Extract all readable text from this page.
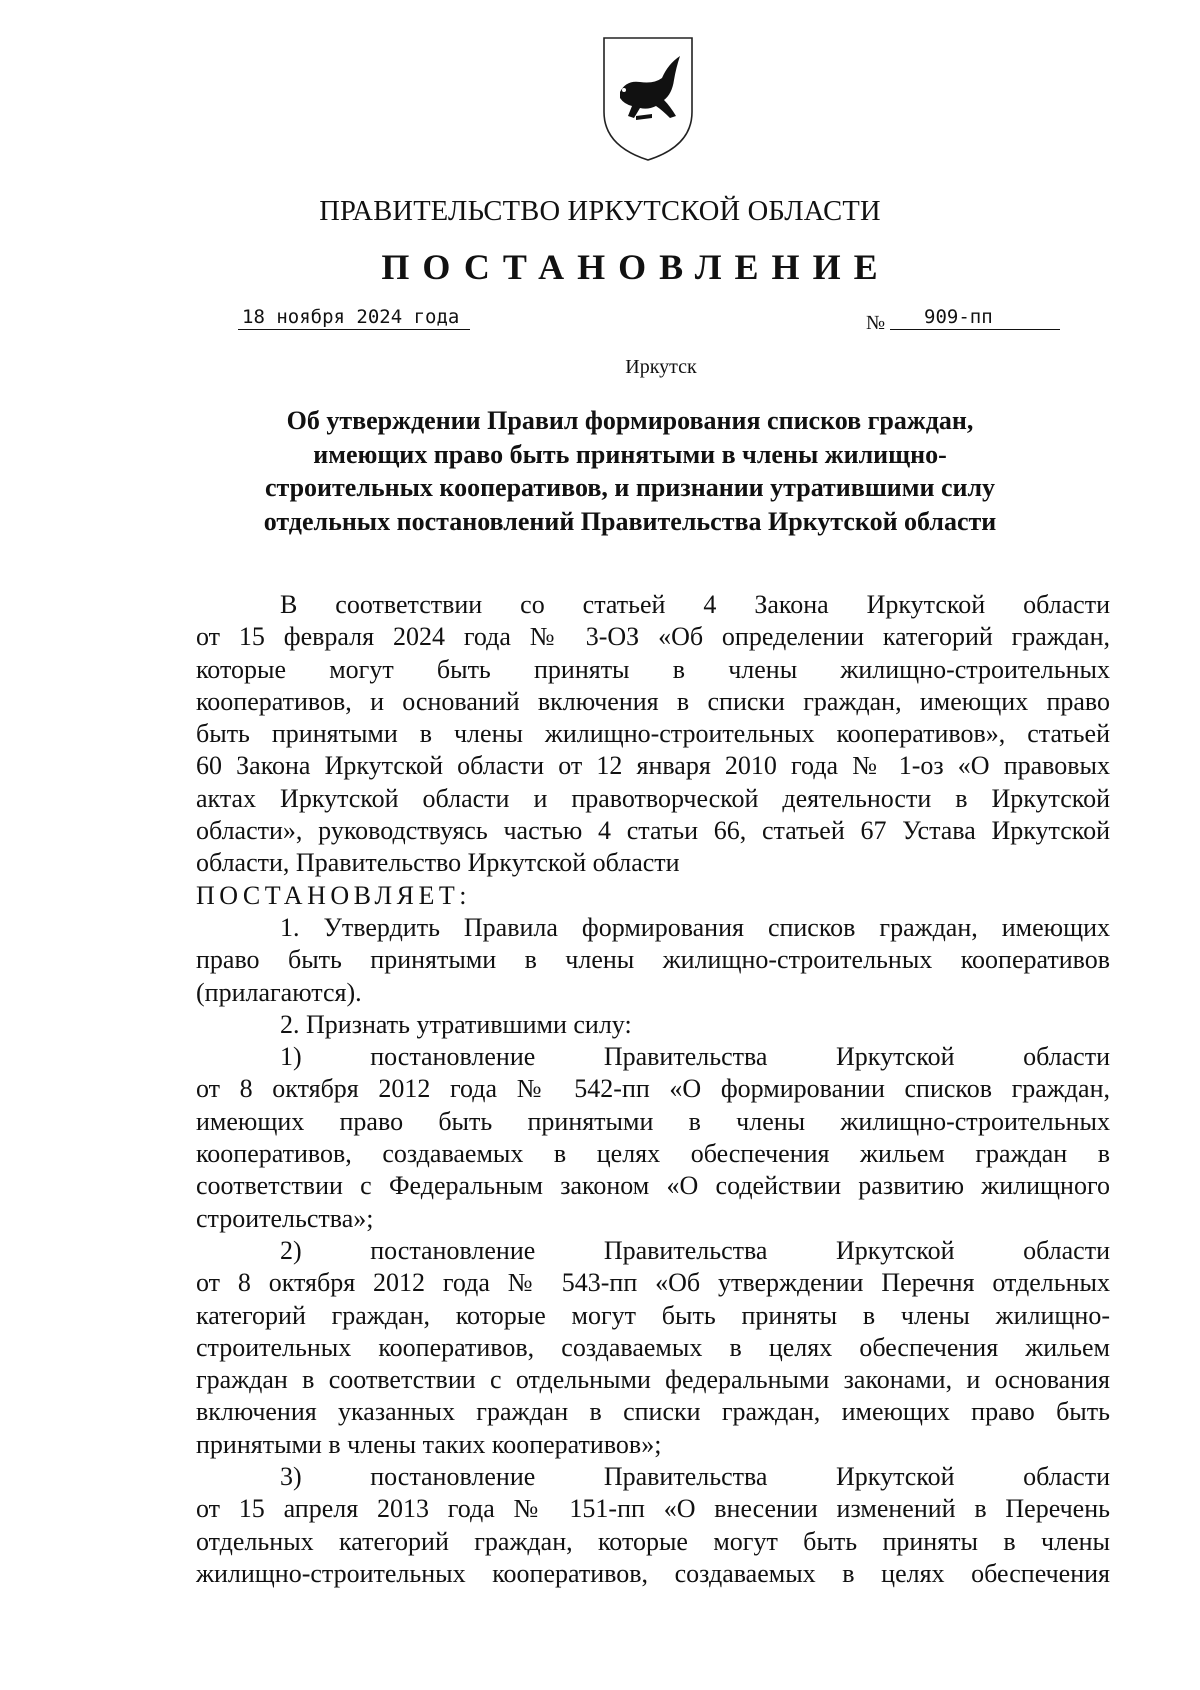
ПРАВИТЕЛЬСТВО ИРКУТСКОЙ ОБЛАСТИ
ПОСТАНОВЛЕНИЕ
18 ноября 2024 года	№	909-пп
Иркутск
Об утверждении Правил формирования списков граждан,
имеющих право быть принятыми в члены жилищно-
строительных кооперативов, и признании утратившими силу
отдельных постановлений Правительства Иркутской области
В соответствии со статьей 4 Закона Иркутской области
от 15 февраля 2024 года № 3-ОЗ «Об определении категорий граждан,
которые могут быть приняты в члены жилищно-строительных
кооперативов, и оснований включения в списки граждан, имеющих право
быть принятыми в члены жилищно-строительных кооперативов», статьей
60 Закона Иркутской области от 12 января 2010 года № 1-оз «О правовых
актах Иркутской области и правотворческой деятельности в Иркутской
области», руководствуясь частью 4 статьи 66, статьей 67 Устава Иркутской
области, Правительство Иркутской области
ПОСТАНОВЛЯЕТ:
1. Утвердить Правила формирования списков граждан, имеющих
право быть принятыми в члены жилищно-строительных кооперативов
(прилагаются).
2. Признать утратившими силу:
1) постановление Правительства Иркутской области
от 8 октября 2012 года № 542-пп «О формировании списков граждан,
имеющих право быть принятыми в члены жилищно-строительных
кооперативов, создаваемых в целях обеспечения жильем граждан в
соответствии с Федеральным законом «О содействии развитию жилищного
строительства»;
2) постановление Правительства Иркутской области
от 8 октября 2012 года № 543-пп «Об утверждении Перечня отдельных
категорий граждан, которые могут быть приняты в члены жилищно-
строительных кооперативов, создаваемых в целях обеспечения жильем
граждан в соответствии с отдельными федеральными законами, и основания
включения указанных граждан в списки граждан, имеющих право быть
принятыми в члены таких кооперативов»;
3) постановление Правительства Иркутской области
от 15 апреля 2013 года № 151-пп «О внесении изменений в Перечень
отдельных категорий граждан, которые могут быть приняты в члены
жилищно-строительных кооперативов, создаваемых в целях обеспечения
